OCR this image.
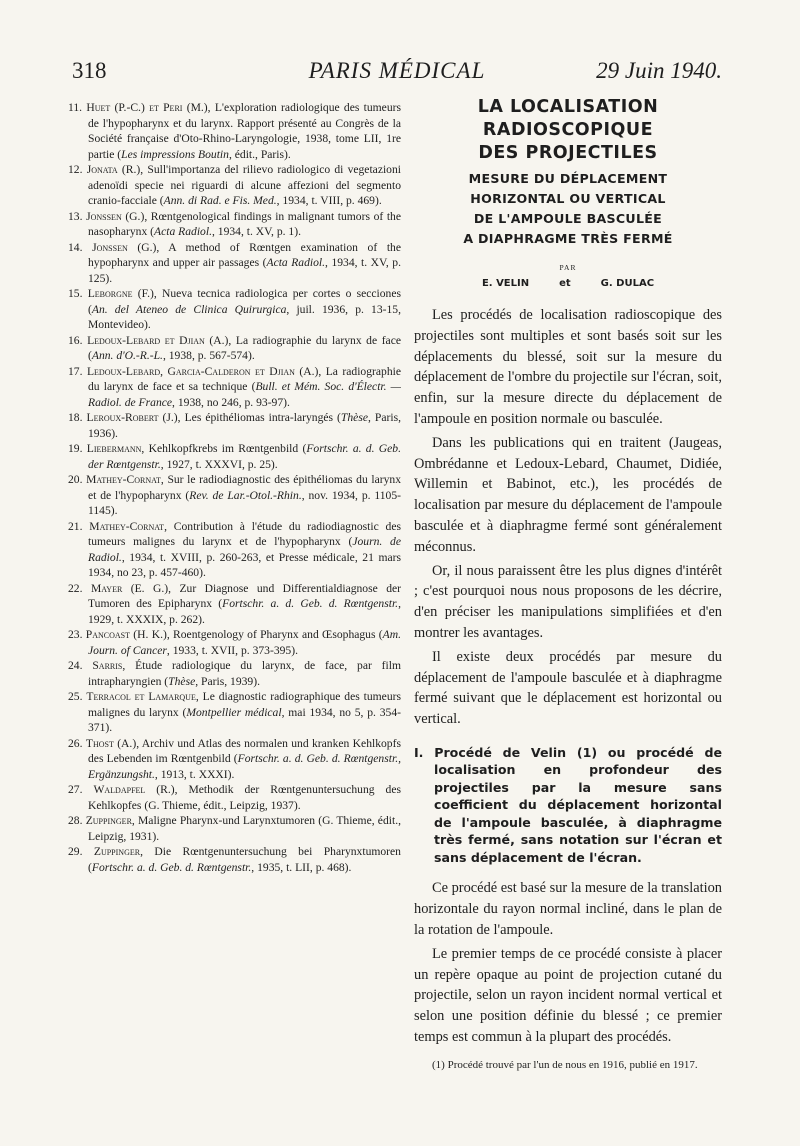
318	PARIS MÉDICAL	29 Juin 1940.

11. Huet (P.-C.) et Peri (M.), L'exploration radiologique des tumeurs de l'hypopharynx et du larynx. Rapport présenté au Congrès de la Société française d'Oto-Rhino-Laryngologie, 1938, tome LII, 1re partie (Les impressions Boutin, édit., Paris).

12. Jonata (R.), Sull'importanza del rilievo radiologico di vegetazioni adenoïdi specie nei riguardi di alcune affezioni del segmento cranio-facciale (Ann. di Rad. e Fis. Med., 1934, t. VIII, p. 469).

13. Jonssen (G.), Rœntgenological findings in malignant tumors of the nasopharynx (Acta Radiol., 1934, t. XV, p. 1).

14. Jonssen (G.), A method of Rœntgen examination of the hypopharynx and upper air passages (Acta Radiol., 1934, t. XV, p. 125).

15. Leborgne (F.), Nueva tecnica radiologica per cortes o secciones (An. del Ateneo de Clinica Quirurgica, juil. 1936, p. 13-15, Montevideo).

16. Ledoux-Lebard et Djian (A.), La radiographie du larynx de face (Ann. d'O.-R.-L., 1938, p. 567-574).

17. Ledoux-Lebard, Garcia-Calderon et Djian (A.), La radiographie du larynx de face et sa technique (Bull. et Mém. Soc. d'Électr. — Radiol. de France, 1938, no 246, p. 93-97).

18. Leroux-Robert (J.), Les épithéliomas intra-laryngés (Thèse, Paris, 1936).

19. Liebermann, Kehlkopfkrebs im Rœntgenbild (Fortschr. a. d. Geb. der Rœntgenstr., 1927, t. XXXVI, p. 25).

20. Mathey-Cornat, Sur le radiodiagnostic des épithéliomas du larynx et de l'hypopharynx (Rev. de Lar.-Otol.-Rhin., nov. 1934, p. 1105-1145).

21. Mathey-Cornat, Contribution à l'étude du radiodiagnostic des tumeurs malignes du larynx et de l'hypopharynx (Journ. de Radiol., 1934, t. XVIII, p. 260-263, et Presse médicale, 21 mars 1934, no 23, p. 457-460).

22. Mayer (E. G.), Zur Diagnose und Differentialdiagnose der Tumoren des Epipharynx (Fortschr. a. d. Geb. d. Rœntgenstr., 1929, t. XXXIX, p. 262).

23. Pancoast (H. K.), Roentgenology of Pharynx and Œsophagus (Am. Journ. of Cancer, 1933, t. XVII, p. 373-395).

24. Sarris, Étude radiologique du larynx, de face, par film intrapharyngien (Thèse, Paris, 1939).

25. Terracol et Lamarque, Le diagnostic radiographique des tumeurs malignes du larynx (Montpellier médical, mai 1934, no 5, p. 354-371).

26. Thost (A.), Archiv und Atlas des normalen und kranken Kehlkopfs des Lebenden im Rœntgenbild (Fortschr. a. d. Geb. d. Rœntgenstr., Ergänzungsht., 1913, t. XXXI).

27. Waldapfel (R.), Methodik der Rœntgenuntersuchung des Kehlkopfes (G. Thieme, édit., Leipzig, 1937).

28. Zuppinger, Maligne Pharynx-und Larynxtumoren (G. Thieme, édit., Leipzig, 1931).

29. Zuppinger, Die Rœntgenuntersuchung bei Pharynxtumoren (Fortschr. a. d. Geb. d. Rœntgenstr., 1935, t. LII, p. 468).

LA LOCALISATION
RADIOSCOPIQUE
DES PROJECTILES
MESURE DU DÉPLACEMENT
HORIZONTAL OU VERTICAL
DE L'AMPOULE BASCULÉE
A DIAPHRAGME TRÈS FERMÉ
PAR
E. VELIN	et	G. DULAC

Les procédés de localisation radioscopique des projectiles sont multiples et sont basés soit sur les déplacements du blessé, soit sur la mesure du déplacement de l'ombre du projectile sur l'écran, soit, enfin, sur la mesure directe du déplacement de l'ampoule en position normale ou basculée.

Dans les publications qui en traitent (Jaugeas, Ombrédanne et Ledoux-Lebard, Chaumet, Didiée, Willemin et Babinot, etc.), les procédés de localisation par mesure du déplacement de l'ampoule basculée et à diaphragme fermé sont généralement méconnus.

Or, il nous paraissent être les plus dignes d'intérêt ; c'est pourquoi nous nous proposons de les décrire, d'en préciser les manipulations simplifiées et d'en montrer les avantages.

Il existe deux procédés par mesure du déplacement de l'ampoule basculée et à diaphragme fermé suivant que le déplacement est horizontal ou vertical.

I. Procédé de Velin (1) ou procédé de localisation en profondeur des projectiles par la mesure sans coefficient du déplacement horizontal de l'ampoule basculée, à diaphragme très fermé, sans notation sur l'écran et sans déplacement de l'écran.

Ce procédé est basé sur la mesure de la translation horizontale du rayon normal incliné, dans le plan de la rotation de l'ampoule.

Le premier temps de ce procédé consiste à placer un repère opaque au point de projection cutané du projectile, selon un rayon incident normal vertical et selon une position définie du blessé ; ce premier temps est commun à la plupart des procédés.

(1) Procédé trouvé par l'un de nous en 1916, publié en 1917.
